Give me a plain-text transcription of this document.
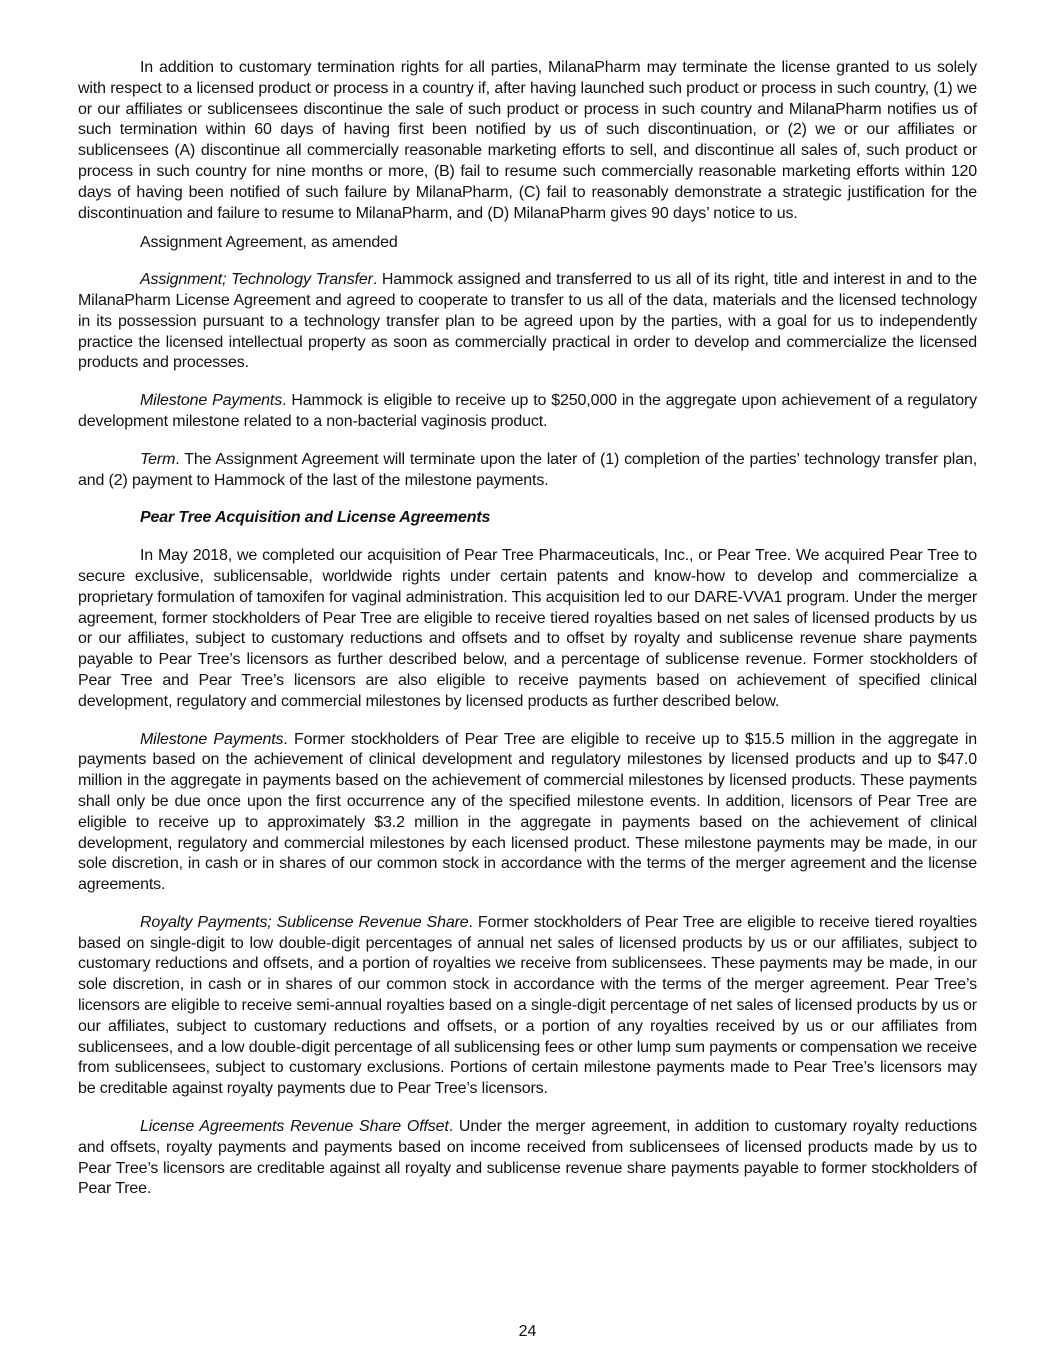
In addition to customary termination rights for all parties, MilanaPharm may terminate the license granted to us solely with respect to a licensed product or process in a country if, after having launched such product or process in such country, (1) we or our affiliates or sublicensees discontinue the sale of such product or process in such country and MilanaPharm notifies us of such termination within 60 days of having first been notified by us of such discontinuation, or (2) we or our affiliates or sublicensees (A) discontinue all commercially reasonable marketing efforts to sell, and discontinue all sales of, such product or process in such country for nine months or more, (B) fail to resume such commercially reasonable marketing efforts within 120 days of having been notified of such failure by MilanaPharm, (C) fail to reasonably demonstrate a strategic justification for the discontinuation and failure to resume to MilanaPharm, and (D) MilanaPharm gives 90 days’ notice to us.

Assignment Agreement, as amended

Assignment; Technology Transfer. Hammock assigned and transferred to us all of its right, title and interest in and to the MilanaPharm License Agreement and agreed to cooperate to transfer to us all of the data, materials and the licensed technology in its possession pursuant to a technology transfer plan to be agreed upon by the parties, with a goal for us to independently practice the licensed intellectual property as soon as commercially practical in order to develop and commercialize the licensed products and processes.

Milestone Payments. Hammock is eligible to receive up to $250,000 in the aggregate upon achievement of a regulatory development milestone related to a non-bacterial vaginosis product.

Term. The Assignment Agreement will terminate upon the later of (1) completion of the parties’ technology transfer plan, and (2) payment to Hammock of the last of the milestone payments.

Pear Tree Acquisition and License Agreements

In May 2018, we completed our acquisition of Pear Tree Pharmaceuticals, Inc., or Pear Tree. We acquired Pear Tree to secure exclusive, sublicensable, worldwide rights under certain patents and know-how to develop and commercialize a proprietary formulation of tamoxifen for vaginal administration. This acquisition led to our DARE-VVA1 program. Under the merger agreement, former stockholders of Pear Tree are eligible to receive tiered royalties based on net sales of licensed products by us or our affiliates, subject to customary reductions and offsets and to offset by royalty and sublicense revenue share payments payable to Pear Tree’s licensors as further described below, and a percentage of sublicense revenue. Former stockholders of Pear Tree and Pear Tree’s licensors are also eligible to receive payments based on achievement of specified clinical development, regulatory and commercial milestones by licensed products as further described below.

Milestone Payments. Former stockholders of Pear Tree are eligible to receive up to $15.5 million in the aggregate in payments based on the achievement of clinical development and regulatory milestones by licensed products and up to $47.0 million in the aggregate in payments based on the achievement of commercial milestones by licensed products. These payments shall only be due once upon the first occurrence any of the specified milestone events. In addition, licensors of Pear Tree are eligible to receive up to approximately $3.2 million in the aggregate in payments based on the achievement of clinical development, regulatory and commercial milestones by each licensed product. These milestone payments may be made, in our sole discretion, in cash or in shares of our common stock in accordance with the terms of the merger agreement and the license agreements.

Royalty Payments; Sublicense Revenue Share. Former stockholders of Pear Tree are eligible to receive tiered royalties based on single-digit to low double-digit percentages of annual net sales of licensed products by us or our affiliates, subject to customary reductions and offsets, and a portion of royalties we receive from sublicensees. These payments may be made, in our sole discretion, in cash or in shares of our common stock in accordance with the terms of the merger agreement. Pear Tree’s licensors are eligible to receive semi-annual royalties based on a single-digit percentage of net sales of licensed products by us or our affiliates, subject to customary reductions and offsets, or a portion of any royalties received by us or our affiliates from sublicensees, and a low double-digit percentage of all sublicensing fees or other lump sum payments or compensation we receive from sublicensees, subject to customary exclusions. Portions of certain milestone payments made to Pear Tree’s licensors may be creditable against royalty payments due to Pear Tree’s licensors.

License Agreements Revenue Share Offset. Under the merger agreement, in addition to customary royalty reductions and offsets, royalty payments and payments based on income received from sublicensees of licensed products made by us to Pear Tree’s licensors are creditable against all royalty and sublicense revenue share payments payable to former stockholders of Pear Tree.

24
